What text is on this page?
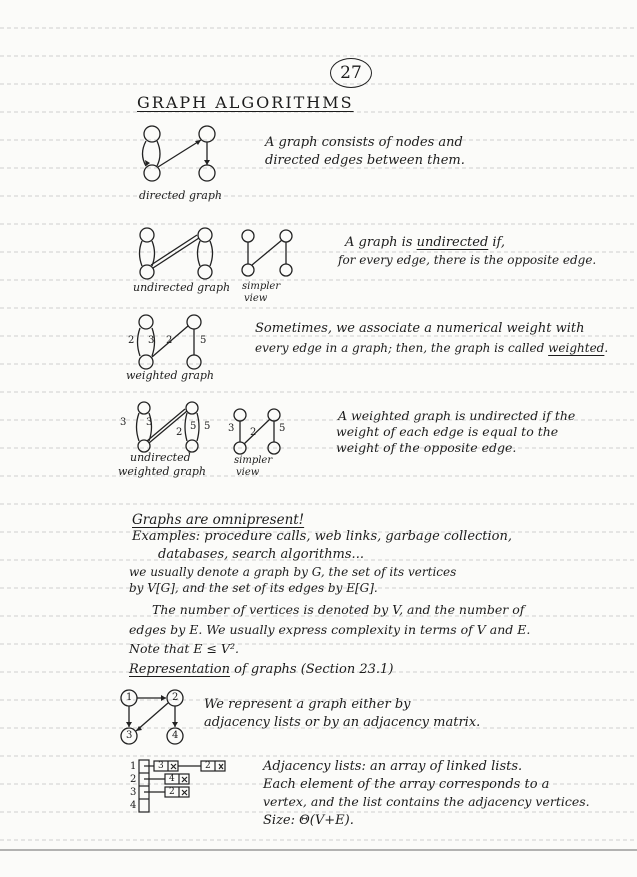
27
GRAPH ALGORITHMS
directed graph
A graph consists of nodes and
directed edges between them.
undirected graph simpler
view
A graph is undirected if,
for every edge, there is the opposite edge.
2 3 2	5
weighted graph
Sometimes, we associate a numerical weight with
every edge in a graph; then, the graph is called weighted.
3 3
2
5 5
undirected
weighted graph
3 2 5
simpler
view
A weighted graph is undirected if the
weight of each edge is equal to the
weight of the opposite edge.
Graphs are omnipresent!
Examples: procedure calls, web links, garbage collection,
databases, search algorithms...
we usually denote a graph by G, the set of its vertices
by V[G], and the set of its edges by E[G].
The number of vertices is denoted by V, and the number of
edges by E. We usually express complexity in terms of V and E.
Note that E ≤ V².
Representation of graphs (Section 23.1)
1	2
3	4
We represent a graph either by
adjacency lists or by an adjacency matrix.
1
2
3
4
3	2
4
2
Adjacency lists: an array of linked lists.
Each element of the array corresponds to a
vertex, and the list contains the adjacency vertices.
Size: Θ(V+E).
